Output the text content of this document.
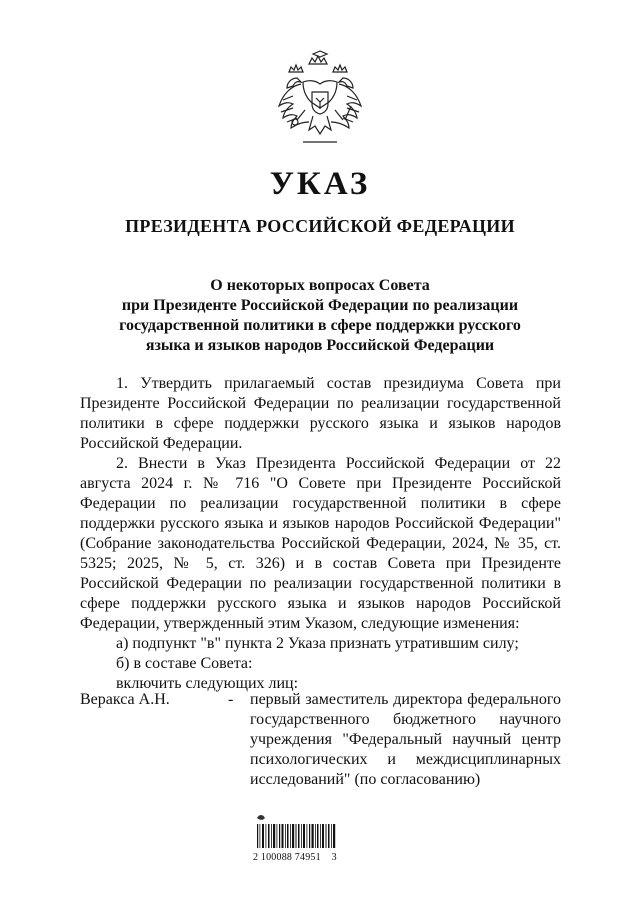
УКАЗ
ПРЕЗИДЕНТА РОССИЙСКОЙ ФЕДЕРАЦИИ
О некоторых вопросах Совета
при Президенте Российской Федерации по реализации
государственной политики в сфере поддержки русского
языка и языков народов Российской Федерации

1. Утвердить прилагаемый состав президиума Совета при Президенте Российской Федерации по реализации государственной политики в сфере поддержки русского языка и языков народов Российской Федерации.

2. Внести в Указ Президента Российской Федерации от 22 августа 2024 г. № 716 "О Совете при Президенте Российской Федерации по реализации государственной политики в сфере поддержки русского языка и языков народов Российской Федерации" (Собрание законодательства Российской Федерации, 2024, № 35, ст. 5325; 2025, № 5, ст. 326) и в состав Совета при Президенте Российской Федерации по реализации государственной политики в сфере поддержки русского языка и языков народов Российской Федерации, утвержденный этим Указом, следующие изменения:

а) подпункт "в" пункта 2 Указа признать утратившим силу;

б) в составе Совета:

включить следующих лиц:

Веракса А.Н.	-	первый заместитель директора федерального государственного бюджетного научного учреждения "Федеральный научный центр психологических и междисциплинарных исследований" (по согласованию)
2 100088 74951 3
